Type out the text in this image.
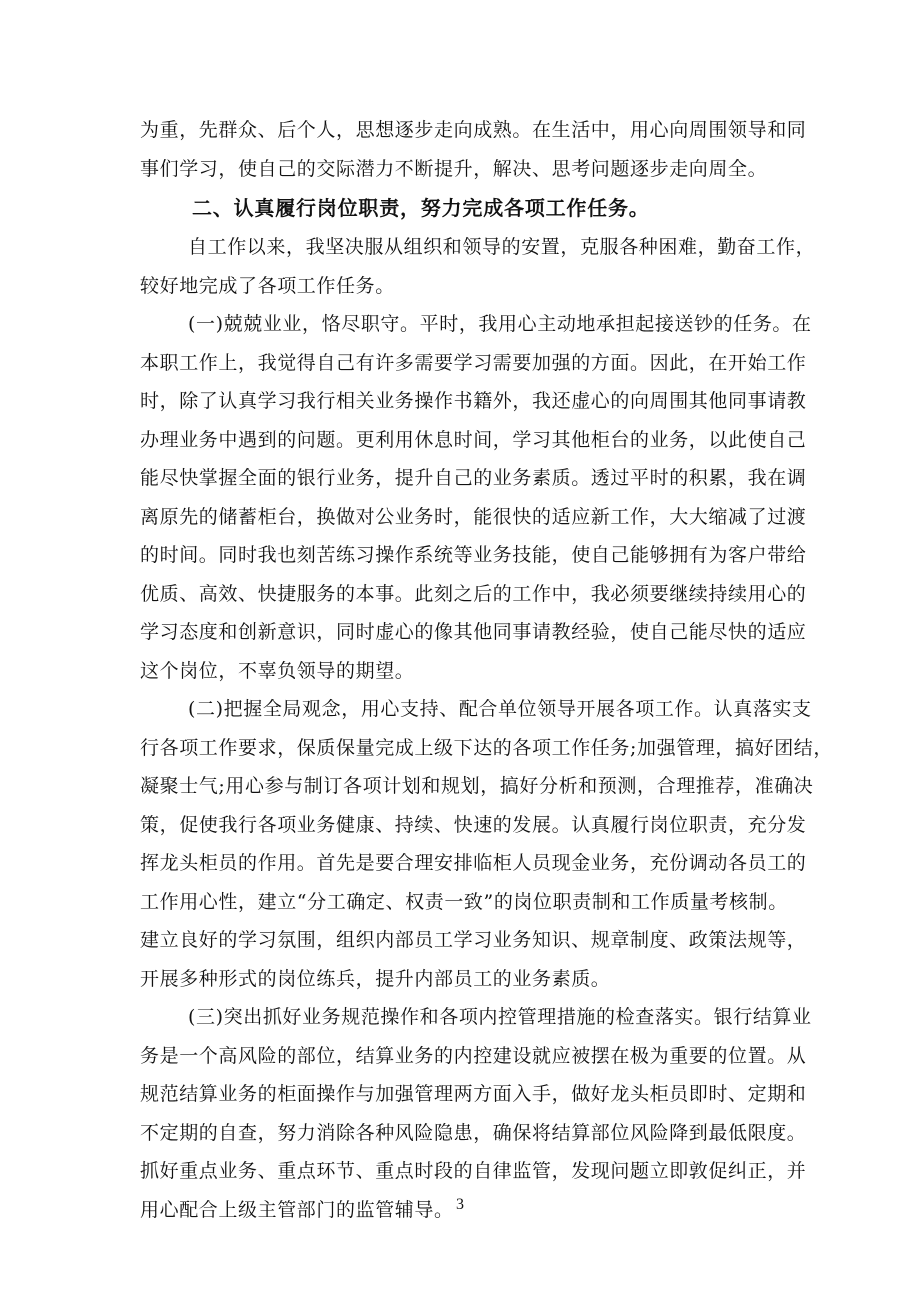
为重，先群众、后个人，思想逐步走向成熟。在生活中，用心向周围领导和同
事们学习，使自己的交际潜力不断提升，解决、思考问题逐步走向周全。
二、认真履行岗位职责，努力完成各项工作任务。
自工作以来，我坚决服从组织和领导的安置，克服各种困难，勤奋工作，
较好地完成了各项工作任务。
(一)兢兢业业，恪尽职守。平时，我用心主动地承担起接送钞的任务。在
本职工作上，我觉得自己有许多需要学习需要加强的方面。因此，在开始工作
时，除了认真学习我行相关业务操作书籍外，我还虚心的向周围其他同事请教
办理业务中遇到的问题。更利用休息时间，学习其他柜台的业务，以此使自己
能尽快掌握全面的银行业务，提升自己的业务素质。透过平时的积累，我在调
离原先的储蓄柜台，换做对公业务时，能很快的适应新工作，大大缩减了过渡
的时间。同时我也刻苦练习操作系统等业务技能，使自己能够拥有为客户带给
优质、高效、快捷服务的本事。此刻之后的工作中，我必须要继续持续用心的
学习态度和创新意识，同时虚心的像其他同事请教经验，使自己能尽快的适应
这个岗位，不辜负领导的期望。
(二)把握全局观念，用心支持、配合单位领导开展各项工作。认真落实支
行各项工作要求，保质保量完成上级下达的各项工作任务;加强管理，搞好团结，
凝聚士气;用心参与制订各项计划和规划，搞好分析和预测，合理推荐，准确决
策，促使我行各项业务健康、持续、快速的发展。认真履行岗位职责，充分发
挥龙头柜员的作用。首先是要合理安排临柜人员现金业务，充份调动各员工的
工作用心性，建立“分工确定、权责一致”的岗位职责制和工作质量考核制。
建立良好的学习氛围，组织内部员工学习业务知识、规章制度、政策法规等，
开展多种形式的岗位练兵，提升内部员工的业务素质。
(三)突出抓好业务规范操作和各项内控管理措施的检查落实。银行结算业
务是一个高风险的部位，结算业务的内控建设就应被摆在极为重要的位置。从
规范结算业务的柜面操作与加强管理两方面入手，做好龙头柜员即时、定期和
不定期的自查，努力消除各种风险隐患，确保将结算部位风险降到最低限度。
抓好重点业务、重点环节、重点时段的自律监管，发现问题立即敦促纠正，并
用心配合上级主管部门的监管辅导。 3
